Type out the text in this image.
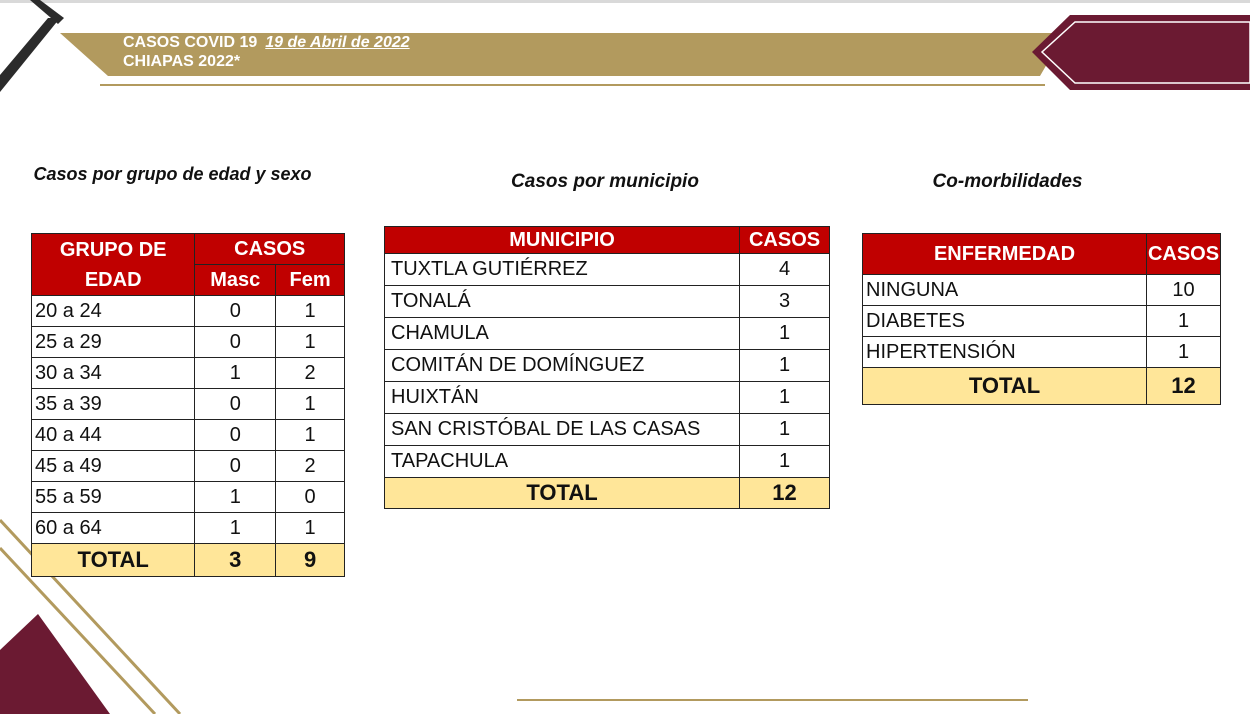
CASOS COVID 19 19 de Abril de 2022
CHIAPAS 2022*
Casos por grupo de edad y sexo	Casos por municipio	Co-morbilidades
GRUPO DE
EDAD	CASOS	
	Masc	Fem
20 a 24	0	1
25 a 29	0	1
30 a 34	1	2
35 a 39	0	1
40 a 44	0	1
45 a 49	0	2
55 a 59	1	0
60 a 64	1	1
TOTAL	3	9
MUNICIPIO	CASOS
TUXTLA GUTIÉRREZ	4
TONALÁ	3
CHAMULA	1
COMITÁN DE DOMÍNGUEZ	1
HUIXTÁN	1
SAN CRISTÓBAL DE LAS CASAS	1
TAPACHULA	1
TOTAL	12
ENFERMEDAD	CASOS
NINGUNA	10
DIABETES	1
HIPERTENSIÓN	1
TOTAL	12
